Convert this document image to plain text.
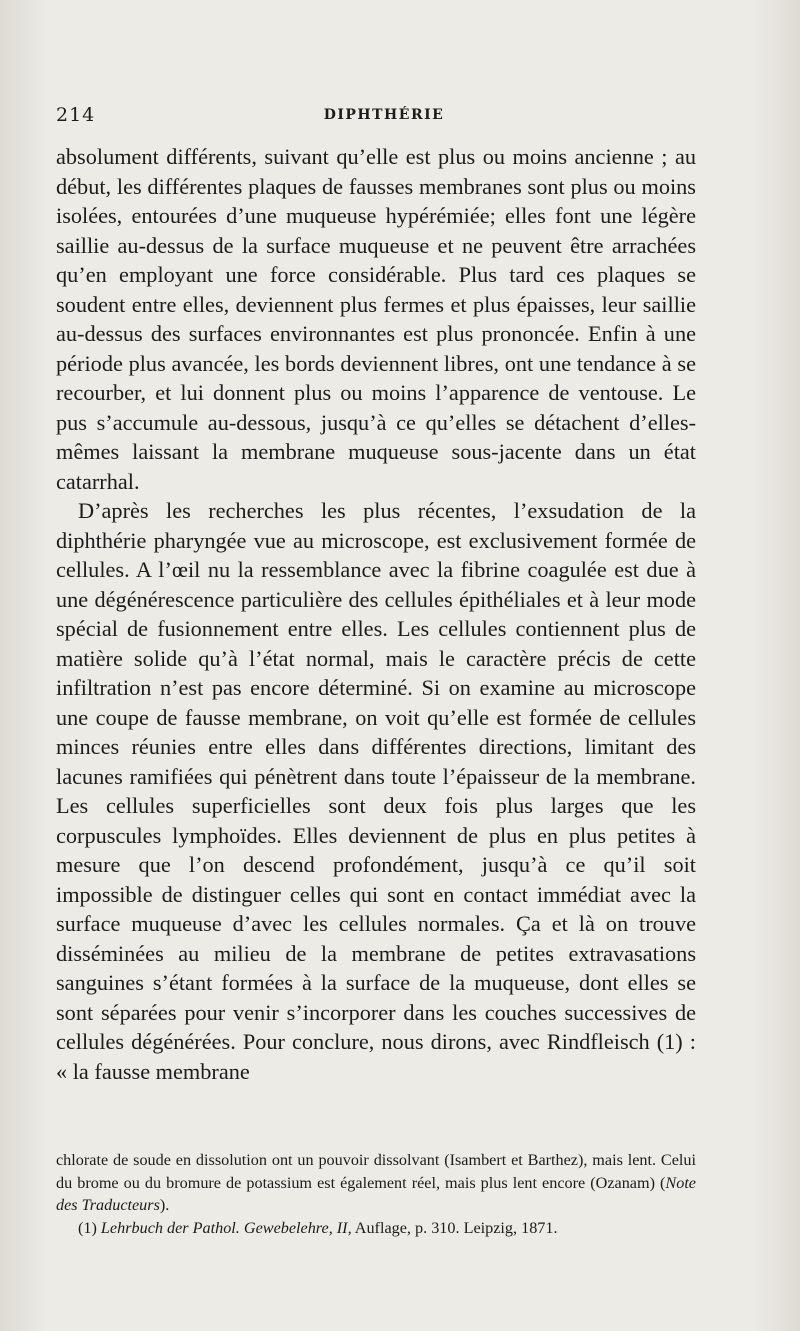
214	DIPHTHÉRIE

absolument différents, suivant qu’elle est plus ou moins ancienne ; au début, les différentes plaques de fausses membranes sont plus ou moins isolées, entourées d’une muqueuse hypérémiée; elles font une légère saillie au-dessus de la surface muqueuse et ne peuvent être arrachées qu’en employant une force considérable. Plus tard ces plaques se soudent entre elles, deviennent plus fermes et plus épaisses, leur saillie au-dessus des surfaces environnantes est plus prononcée. Enfin à une période plus avancée, les bords deviennent libres, ont une tendance à se recourber, et lui donnent plus ou moins l’apparence de ventouse. Le pus s’accumule au-dessous, jusqu’à ce qu’elles se détachent d’elles-mêmes laissant la membrane muqueuse sous-jacente dans un état catarrhal.

D’après les recherches les plus récentes, l’exsudation de la diphthérie pharyngée vue au microscope, est exclusivement formée de cellules. A l’œil nu la ressemblance avec la fibrine coagulée est due à une dégénérescence particulière des cellules épithéliales et à leur mode spécial de fusionnement entre elles. Les cellules contiennent plus de matière solide qu’à l’état normal, mais le caractère précis de cette infiltration n’est pas encore déterminé. Si on examine au microscope une coupe de fausse membrane, on voit qu’elle est formée de cellules minces réunies entre elles dans différentes directions, limitant des lacunes ramifiées qui pénètrent dans toute l’épaisseur de la membrane. Les cellules superficielles sont deux fois plus larges que les corpuscules lymphoïdes. Elles deviennent de plus en plus petites à mesure que l’on descend profondément, jusqu’à ce qu’il soit impossible de distinguer celles qui sont en contact immédiat avec la surface muqueuse d’avec les cellules normales. Ça et là on trouve disséminées au milieu de la membrane de petites extravasations sanguines s’étant formées à la surface de la muqueuse, dont elles se sont séparées pour venir s’incorporer dans les couches successives de cellules dégénérées. Pour conclure, nous dirons, avec Rindfleisch (1) : « la fausse membrane

chlorate de soude en dissolution ont un pouvoir dissolvant (Isambert et Barthez), mais lent. Celui du brome ou du bromure de potassium est également réel, mais plus lent encore (Ozanam) (Note des Traducteurs).

(1) Lehrbuch der Pathol. Gewebelehre, II, Auflage, p. 310. Leipzig, 1871.
